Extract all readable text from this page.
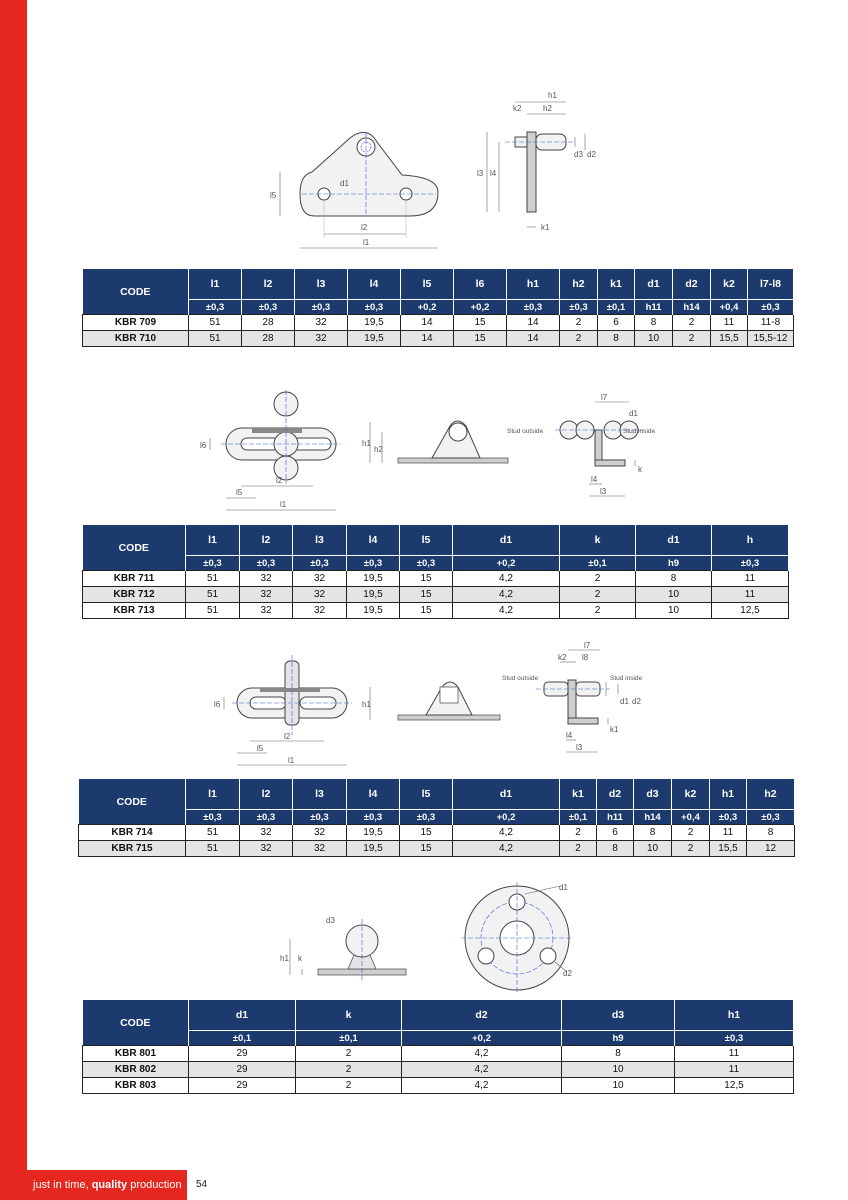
l5
d1
l2
l1
h1
k2	h2
d3 d2
l3 l4
k1
CODE	l1	l2	l3	l4	l5	l6	h1	h2	k1	d1	d2	k2	l7-l8
	±0,3	±0,3	±0,3	±0,3	+0,2	+0,2	±0,3	±0,3	±0,1	h11	h14	+0,4	±0,3
KBR 709	51	28	32	19,5	14	15	14	2	6	8	2	11	11-8
KBR 710	51	28	32	19,5	14	15	14	2	8	10	2	15,5	15,5-12
l6
l2
l5
l1
h1
h2
l7
d1
Stud outside	Stud inside
l4
l3
k
CODE	l1	l2	l3	l4	l5	d1	k	d1	h
	±0,3	±0,3	±0,3	±0,3	±0,3	+0,2	±0,1	h9	±0,3
KBR 711	51	32	32	19,5	15	4,2	2	8	11
KBR 712	51	32	32	19,5	15	4,2	2	10	11
KBR 713	51	32	32	19,5	15	4,2	2	10	12,5
l6
l2
l5
l1
h1
l7
k2 l8
Stud outside	Stud inside
d1 d2
l4
l3
k1
CODE	l1	l2	l3	l4	l5	d1	k1	d2	d3	k2	h1	h2
	±0,3	±0,3	±0,3	±0,3	±0,3	+0,2	±0,1	h11	h14	+0,4	±0,3	±0,3
KBR 714	51	32	32	19,5	15	4,2	2	6	8	2	11	8
KBR 715	51	32	32	19,5	15	4,2	2	8	10	2	15,5	12
d3
h1 k
d1
d2
CODE	d1	k	d2	d3	h1
	±0,1	±0,1	+0,2	h9	±0,3
KBR 801	29	2	4,2	8	11
KBR 802	29	2	4,2	10	11
KBR 803	29	2	4,2	10	12,5
just in time, quality production	54
